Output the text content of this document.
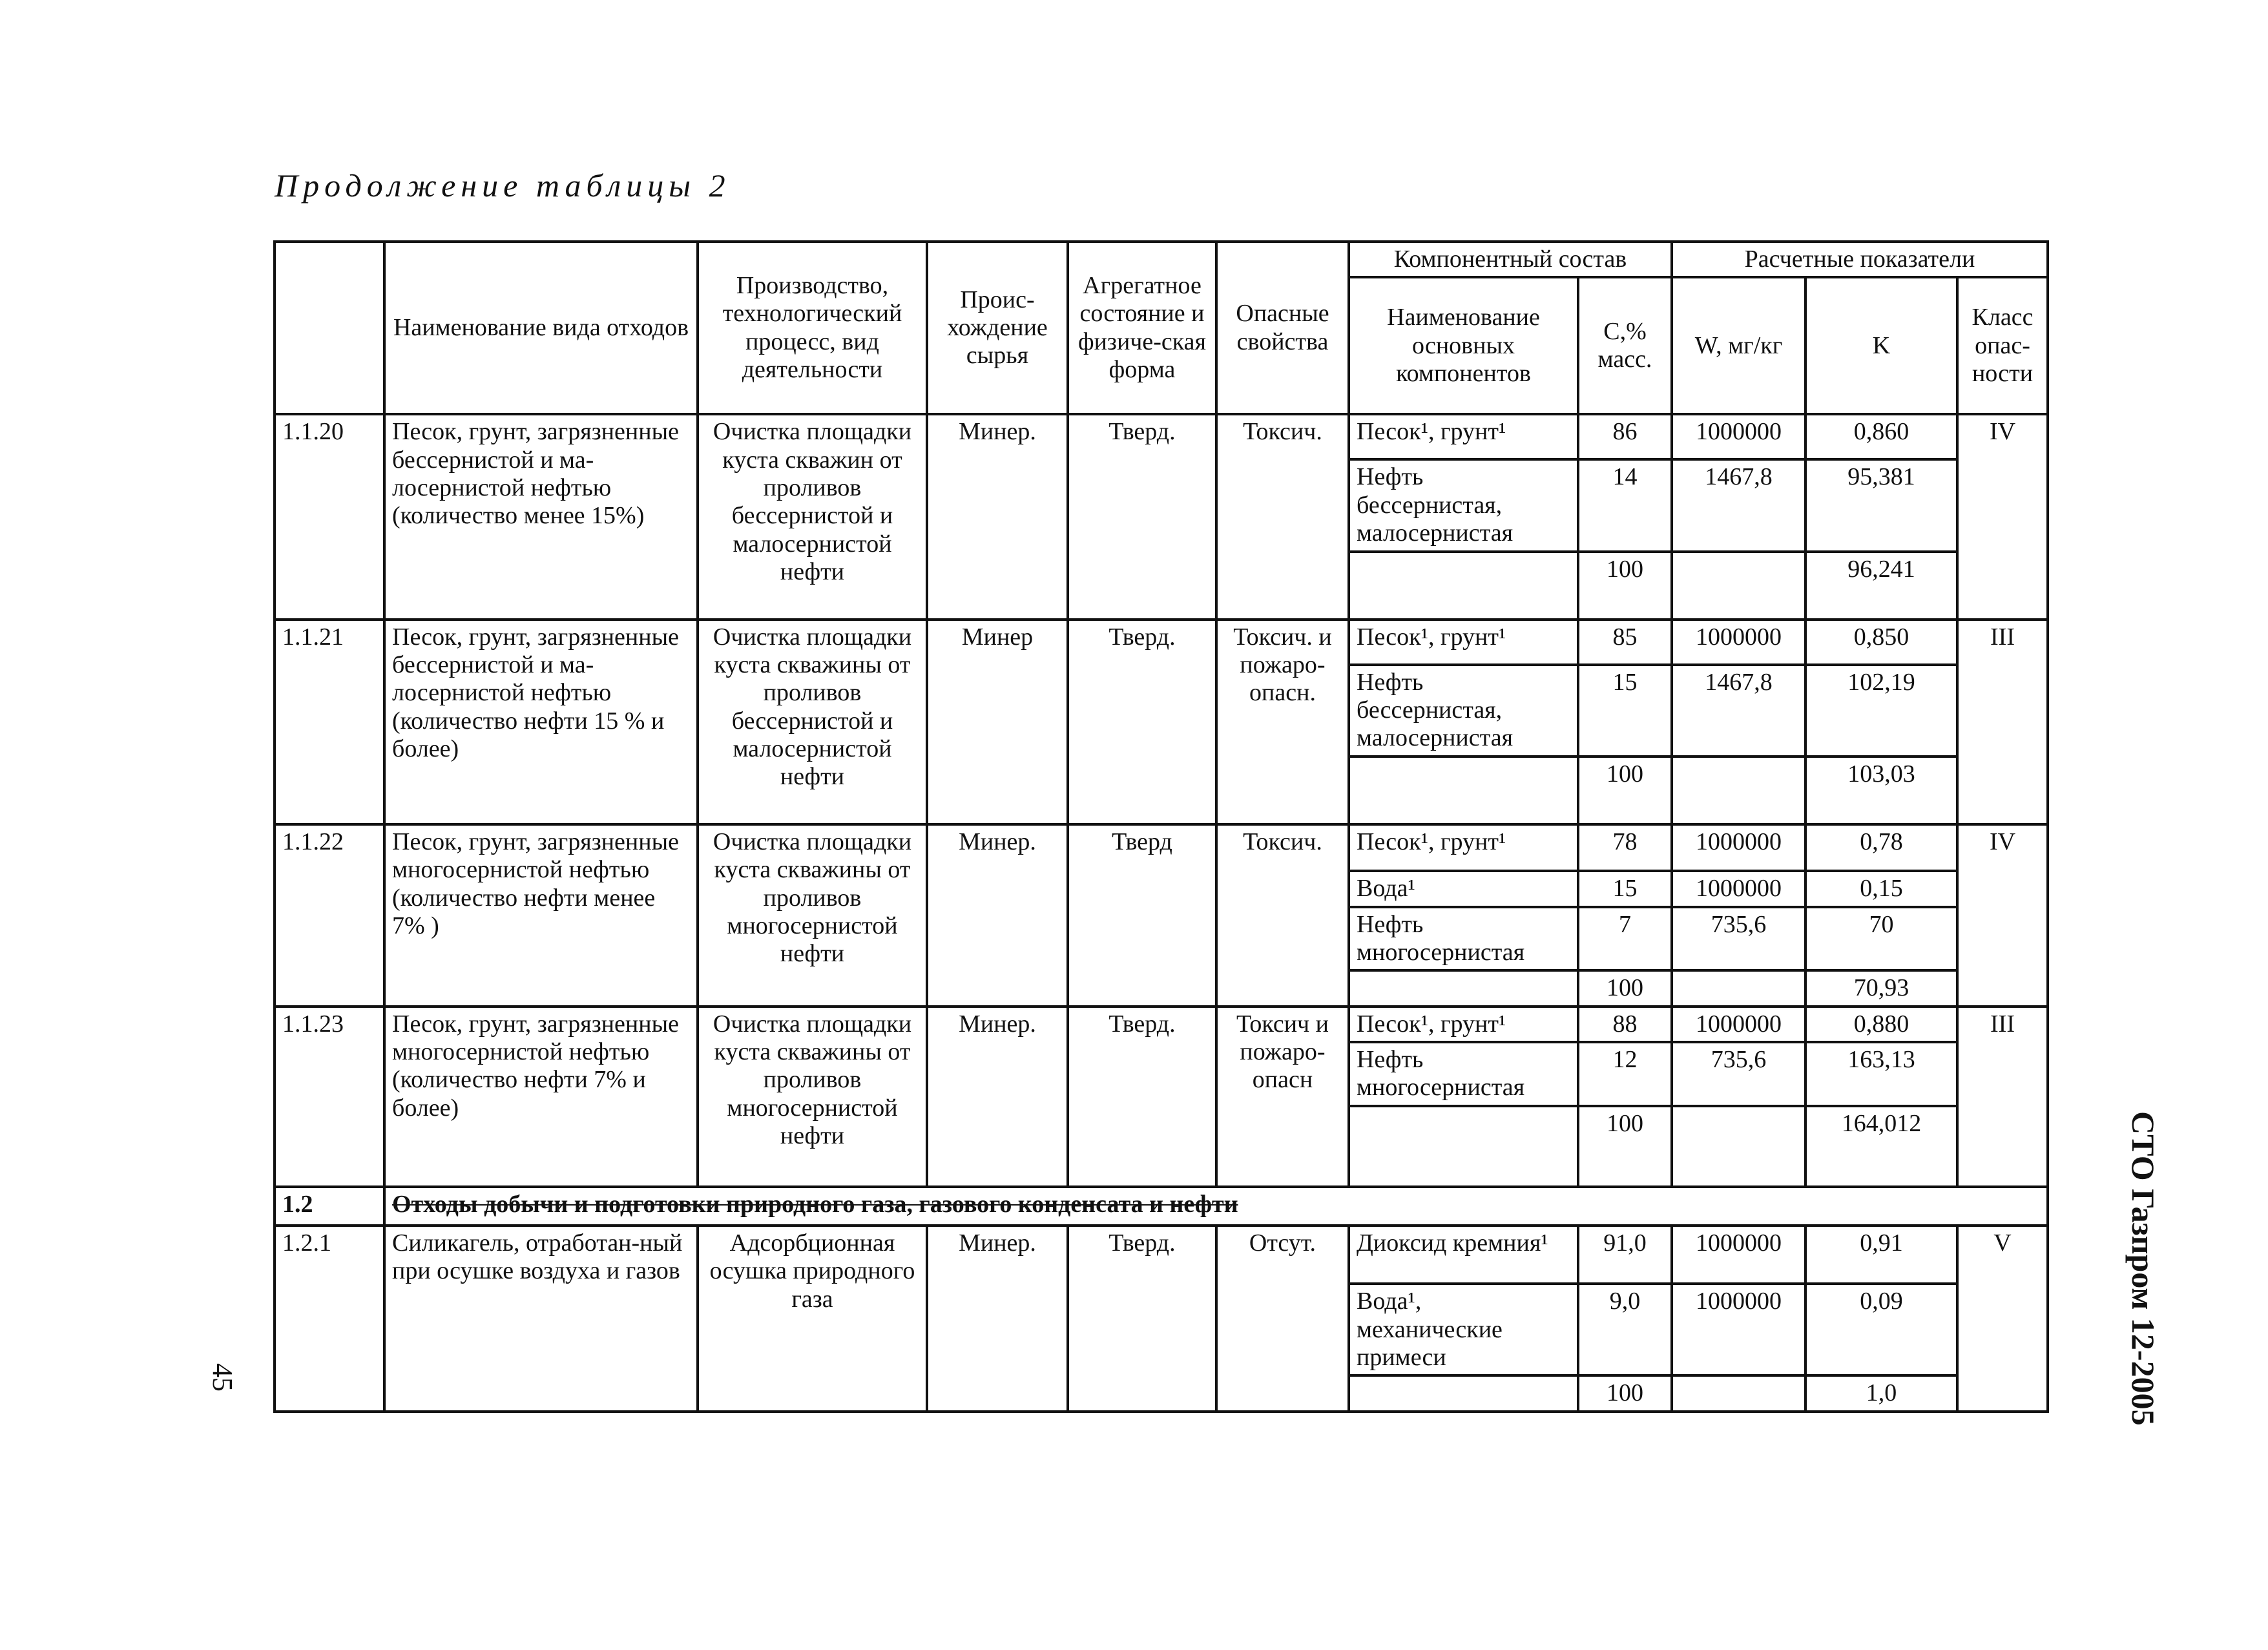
Продолжение таблицы 2
	Наименование вида отходов	Производство, технологический процесс, вид деятельности	Проис-хождение сырья	Агрегатное состояние и физиче-ская форма	Опасные свойства	Компонентный состав		Расчетные показатели		
						Наименование основных компонентов	С,% масс.	W, мг/кг	K	Класс опас-ности
1.1.20	Песок, грунт, загрязненные бессернистой и ма-лосернистой нефтью (количество менее 15%)	Очистка площадки куста скважин от проливов бессернистой и малосернистой нефти	Минер.	Тверд.	Токсич.	Песок¹, грунт¹	86	1000000	0,860	IV
						Нефть бессернистая, малосернистая	14	1467,8	95,381	
							100		96,241	
1.1.21	Песок, грунт, загрязненные бессернистой и ма-лосернистой нефтью (количество нефти 15 % и более)	Очистка площадки куста скважины от проливов бессернистой и малосернистой нефти	Минер	Тверд.	Токсич. и пожаро-опасн.	Песок¹, грунт¹	85	1000000	0,850	III
						Нефть бессернистая, малосернистая	15	1467,8	102,19	
							100		103,03	
1.1.22	Песок, грунт, загрязненные многосернистой нефтью (количество нефти менее 7% )	Очистка площадки куста скважины от проливов многосернистой нефти	Минер.	Тверд	Токсич.	Песок¹, грунт¹	78	1000000	0,78	IV
						Вода¹	15	1000000	0,15	
						Нефть многосернистая	7	735,6	70	
							100		70,93	
1.1.23	Песок, грунт, загрязненные многосернистой нефтью (количество нефти 7% и более)	Очистка площадки куста скважины от проливов многосернистой нефти	Минер.	Тверд.	Токсич и пожаро-опасн	Песок¹, грунт¹	88	1000000	0,880	III
						Нефть многосернистая	12	735,6	163,13	
							100		164,012	
1.2	Отходы добычи и подготовки природного газа, газового конденсата и нефти									
1.2.1	Силикагель, отработан-ный при осушке воздуха и газов	Адсорбционная осушка природного газа	Минер.	Тверд.	Отсут.	Диоксид кремния¹	91,0	1000000	0,91	V
						Вода¹, механические примеси	9,0	1000000	0,09	
							100		1,0		СТО Газпром 12-2005
45
